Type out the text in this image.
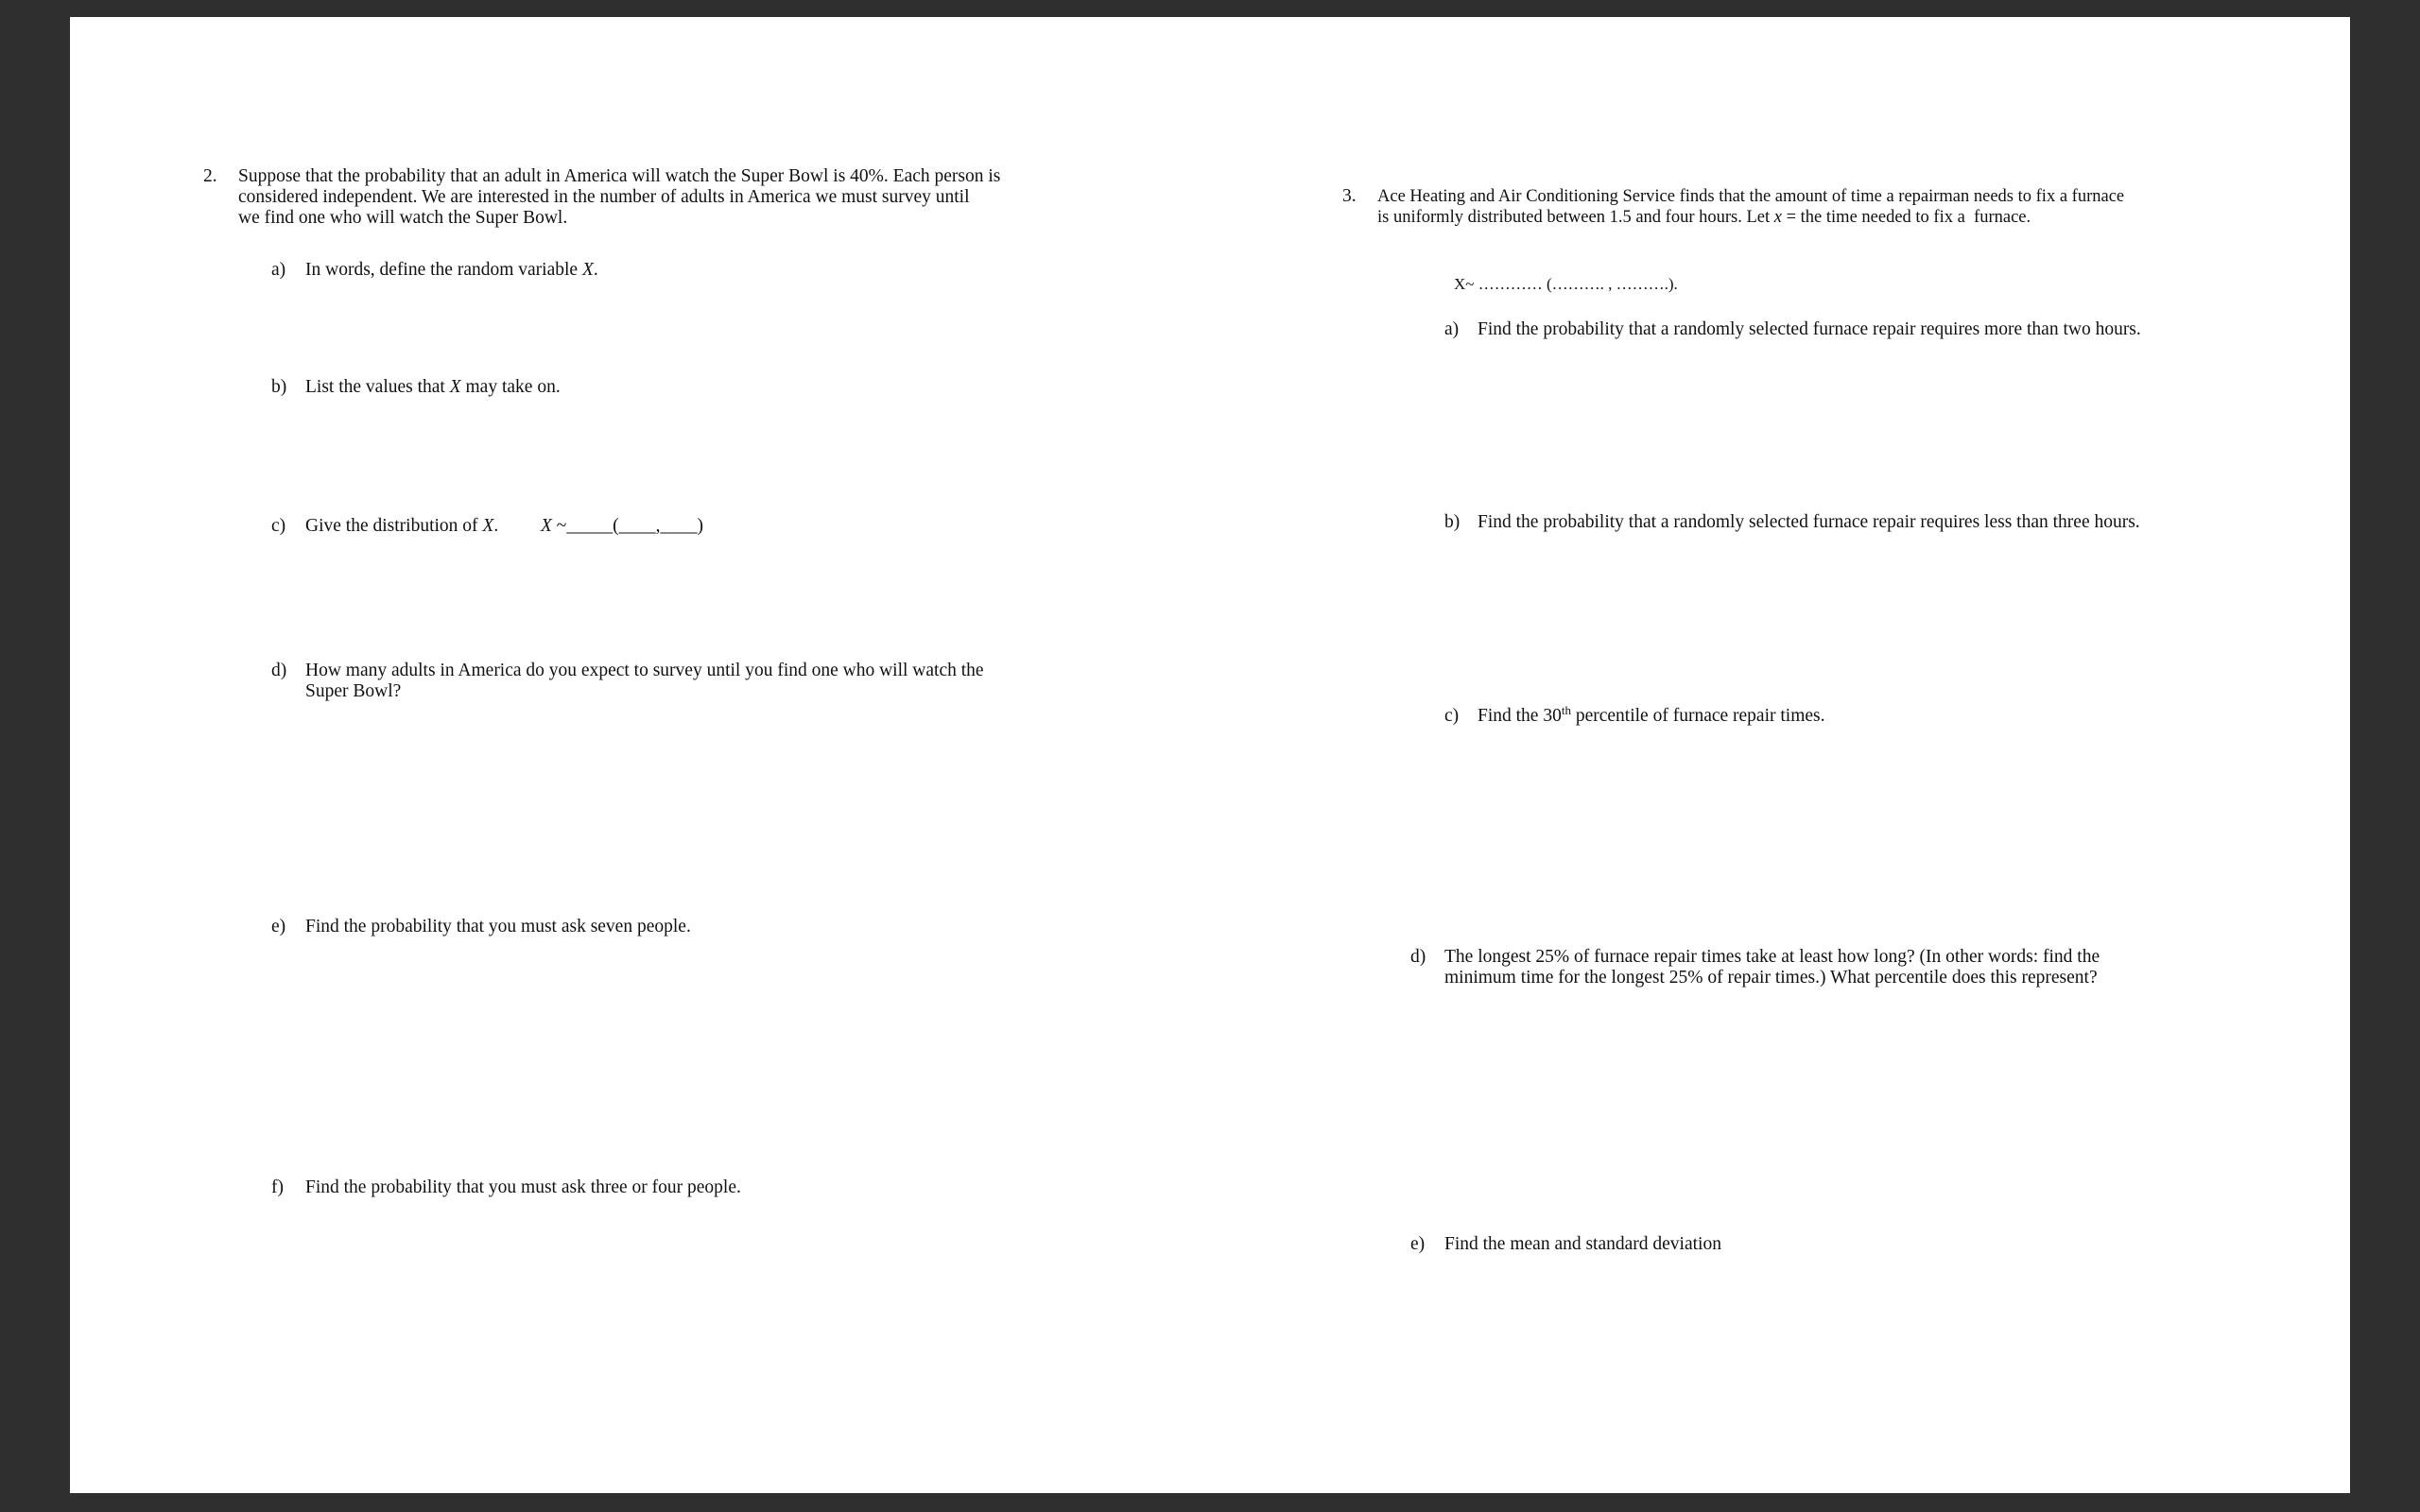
2. Suppose that the probability that an adult in America will watch the Super Bowl is 40%. Each person is
considered independent. We are interested in the number of adults in America we must survey until
we find one who will watch the Super Bowl.
a) In words, define the random variable X.
b) List the values that X may take on.
c) Give the distribution of X. X ~_____(____,____)
d) How many adults in America do you expect to survey until you find one who will watch the
Super Bowl?
e) Find the probability that you must ask seven people.
f) Find the probability that you must ask three or four people.
3. Ace Heating and Air Conditioning Service finds that the amount of time a repairman needs to fix a furnace
is uniformly distributed between 1.5 and four hours. Let x = the time needed to fix a  furnace.
X~ ………… (………. , ……….).
a) Find the probability that a randomly selected furnace repair requires more than two hours.
b) Find the probability that a randomly selected furnace repair requires less than three hours.
c) Find the 30th percentile of furnace repair times.
d) The longest 25% of furnace repair times take at least how long? (In other words: find the
minimum time for the longest 25% of repair times.) What percentile does this represent?
e) Find the mean and standard deviation
